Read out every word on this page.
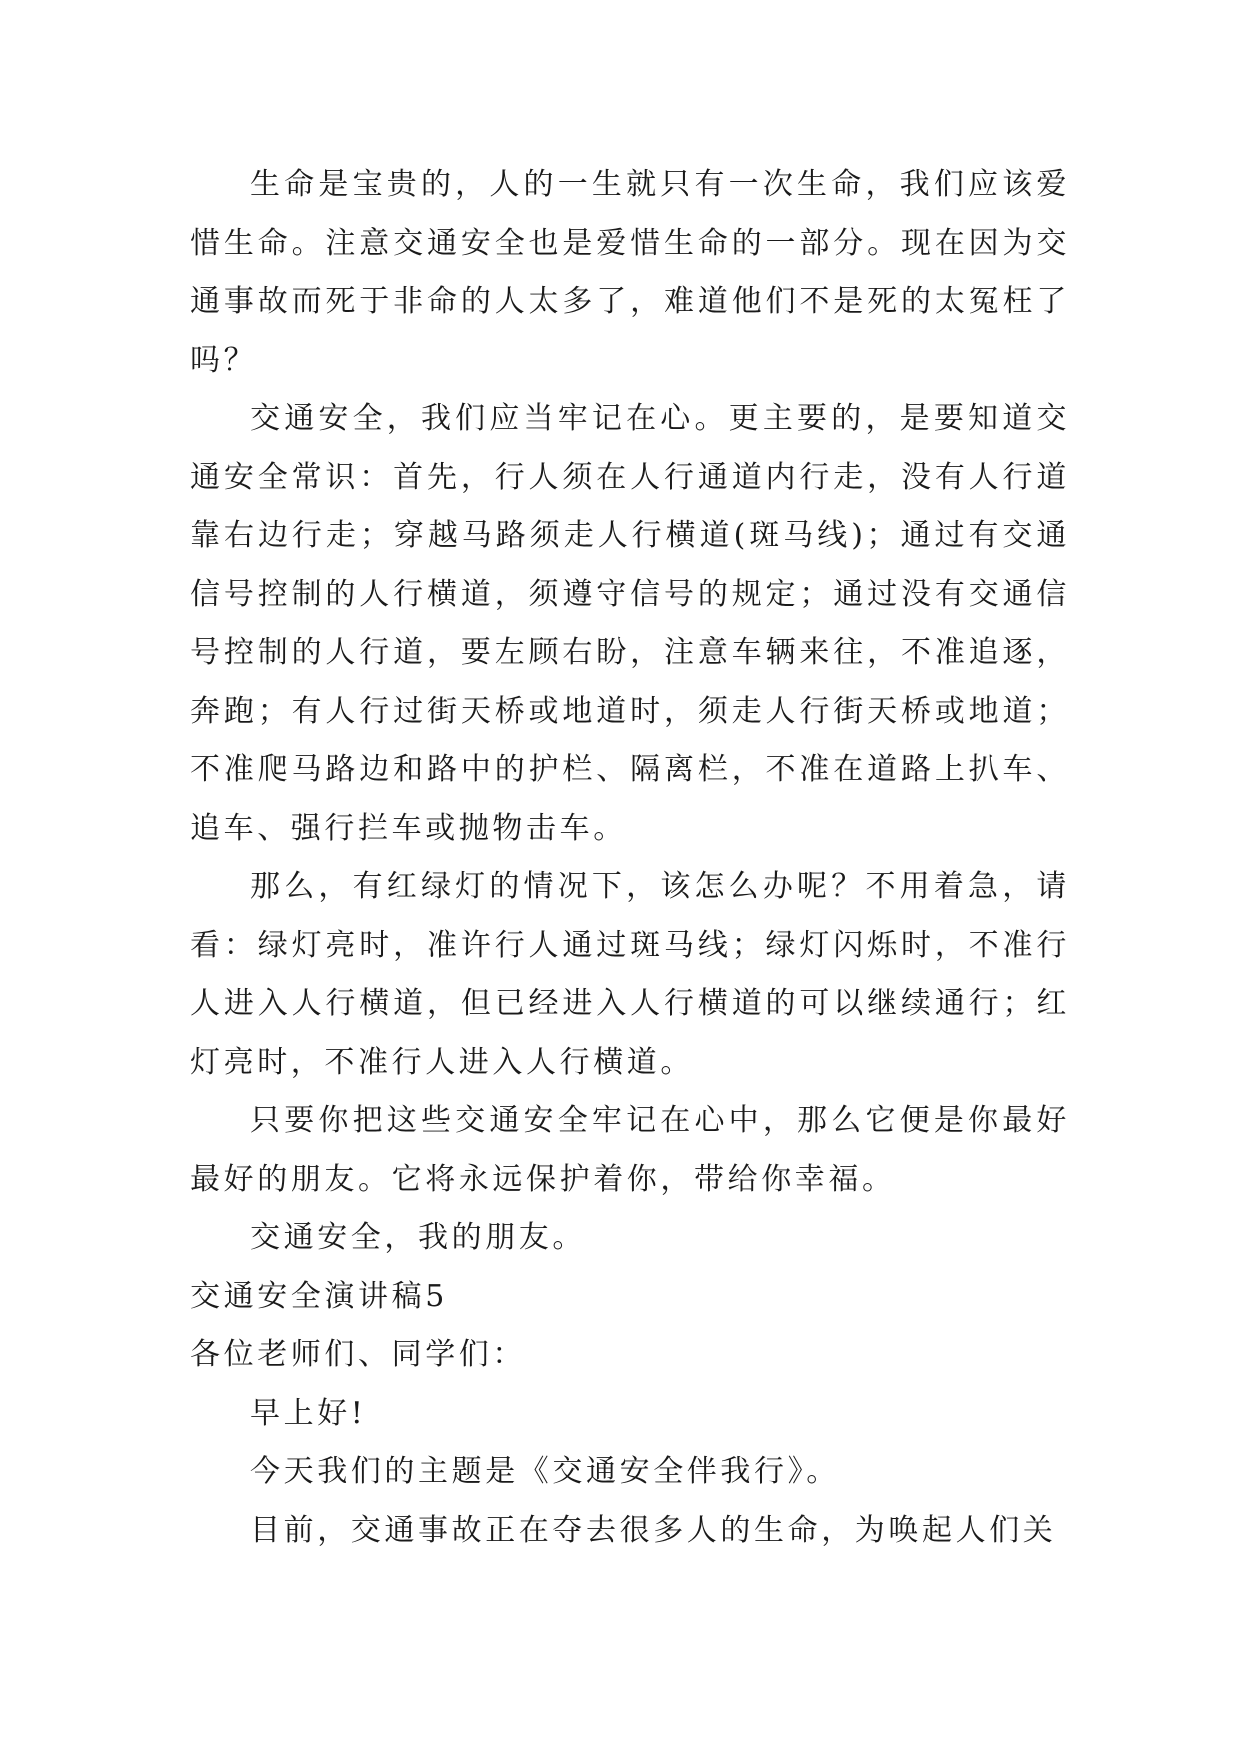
生命是宝贵的，人的一生就只有一次生命，我们应该爱惜生命。注意交通安全也是爱惜生命的一部分。现在因为交通事故而死于非命的人太多了，难道他们不是死的太冤枉了吗？

交通安全，我们应当牢记在心。更主要的，是要知道交通安全常识：首先，行人须在人行通道内行走，没有人行道靠右边行走；穿越马路须走人行横道(斑马线)；通过有交通信号控制的人行横道，须遵守信号的规定；通过没有交通信号控制的人行道，要左顾右盼，注意车辆来往，不准追逐，奔跑；有人行过街天桥或地道时，须走人行街天桥或地道；不准爬马路边和路中的护栏、隔离栏，不准在道路上扒车、追车、强行拦车或抛物击车。

那么，有红绿灯的情况下，该怎么办呢？不用着急，请看：绿灯亮时，准许行人通过斑马线；绿灯闪烁时，不准行人进入人行横道，但已经进入人行横道的可以继续通行；红灯亮时，不准行人进入人行横道。

只要你把这些交通安全牢记在心中，那么它便是你最好最好的朋友。它将永远保护着你，带给你幸福。

交通安全，我的朋友。

交通安全演讲稿5

各位老师们、同学们：

早上好!

今天我们的主题是《交通安全伴我行》。

目前，交通事故正在夺去很多人的生命，为唤起人们关
